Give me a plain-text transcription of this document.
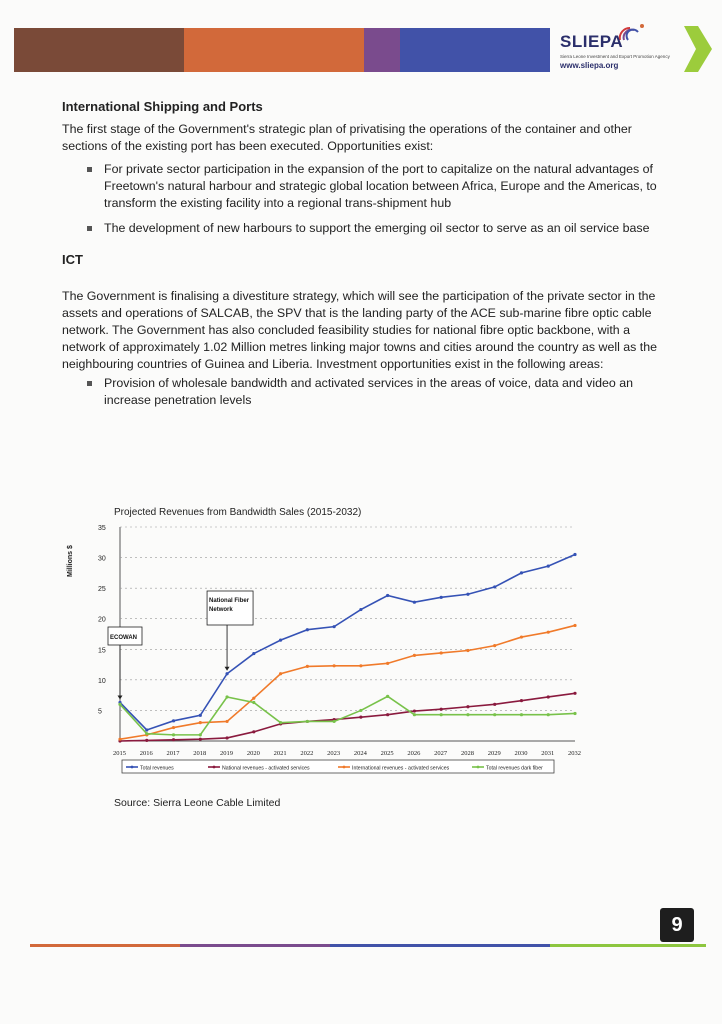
SLIEPA
Sierra Leone Investment and Export Promotion Agency
www.sliepa.org
International Shipping and Ports

The first stage of the Government's strategic plan of privatising the operations of the container and other sections of the existing port has been executed. Opportunities exist:

For private sector participation in the expansion of the port to capitalize on the natural advantages of Freetown's natural harbour and strategic global location between Africa, Europe and the Americas, to transform the existing facility into a regional trans-shipment hub
The development of new harbours to support the emerging oil sector to serve as an oil service base
ICT

The Government is finalising a divestiture strategy, which will see the participation of the private sector in the assets and operations of SALCAB, the SPV that is the landing party of the ACE sub-marine fibre optic cable network. The Government has also concluded feasibility studies for national fibre optic backbone, with a network of approximately 1.02 Million metres linking major towns and cities around the country as well as the neighbouring countries of Guinea and Liberia. Investment opportunities exist in the following areas:

Provision of wholesale bandwidth and activated services in the areas of voice, data and video an increase penetration levels
Projected Revenues from Bandwidth Sales (2015-2032)
5
10
15
20
25
30
35
Millions $
2015 2016 2017 2018 2019 2020 2021 2022 2023 2024 2025 2026 2027 2028 2029 2030 2031 2032
ECOWAN
National Fiber
Network
Total revenues	National revenues - activated services	International revenues - activated services	Total revenues dark fiber
Source: Sierra Leone Cable Limited
9
